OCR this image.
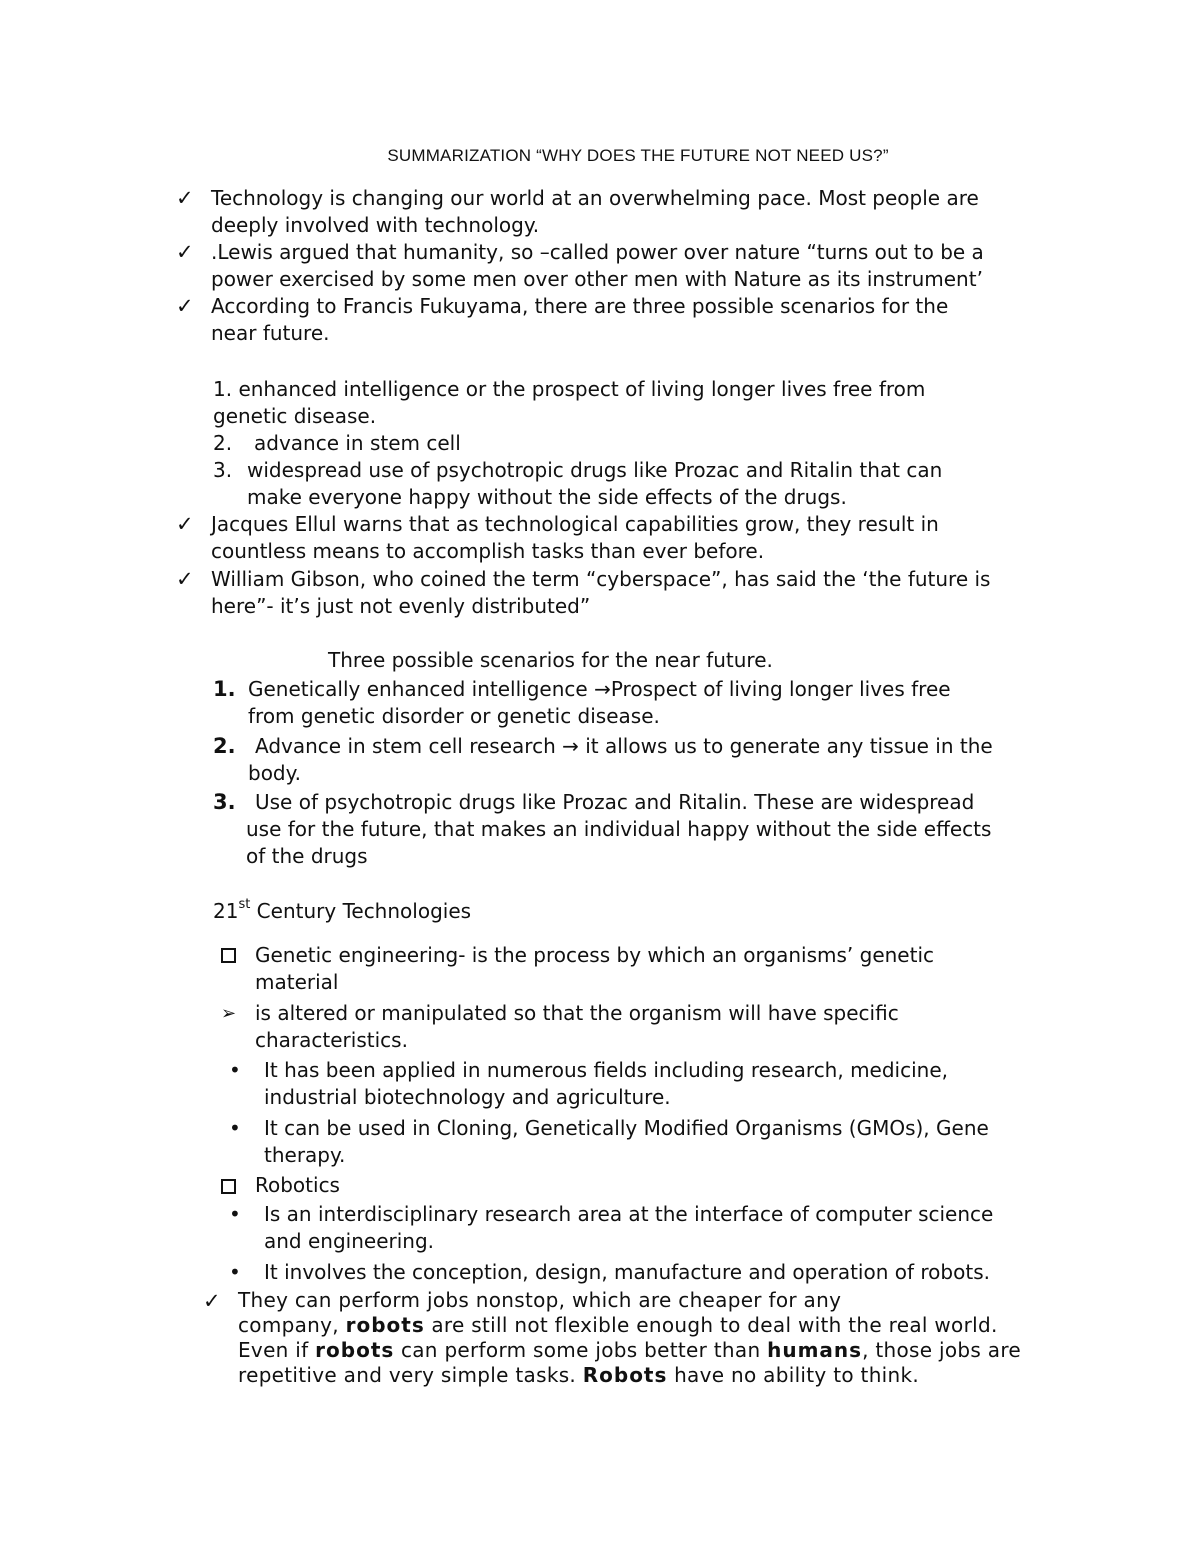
SUMMARIZATION “WHY DOES THE FUTURE NOT NEED US?”
✓ Technology is changing our world at an overwhelming pace. Most people are
deeply involved with technology.
✓ .Lewis argued that humanity, so –called power over nature “turns out to be a
power exercised by some men over other men with Nature as its instrument’
✓ According to Francis Fukuyama, there are three possible scenarios for the
near future.
1. enhanced intelligence or the prospect of living longer lives free from
genetic disease.
2. advance in stem cell
3. widespread use of psychotropic drugs like Prozac and Ritalin that can
make everyone happy without the side effects of the drugs.
✓ Jacques Ellul warns that as technological capabilities grow, they result in
countless means to accomplish tasks than ever before.
✓ William Gibson, who coined the term “cyberspace”, has said the ‘the future is
here”- it’s just not evenly distributed”
Three possible scenarios for the near future.
1. Genetically enhanced intelligence →Prospect of living longer lives free
from genetic disorder or genetic disease.
2. Advance in stem cell research → it allows us to generate any tissue in the
body.
3. Use of psychotropic drugs like Prozac and Ritalin. These are widespread
use for the future, that makes an individual happy without the side effects
of the drugs
21st Century Technologies
Genetic engineering- is the process by which an organisms’ genetic
material
➢ is altered or manipulated so that the organism will have specific
characteristics.
• It has been applied in numerous fields including research, medicine,
industrial biotechnology and agriculture.
• It can be used in Cloning, Genetically Modified Organisms (GMOs), Gene
therapy.
Robotics
• Is an interdisciplinary research area at the interface of computer science
and engineering.
• It involves the conception, design, manufacture and operation of robots.
✓ They can perform jobs nonstop, which are cheaper for any
company, robots are still not flexible enough to deal with the real world.
Even if robots can perform some jobs better than humans, those jobs are
repetitive and very simple tasks. Robots have no ability to think.
